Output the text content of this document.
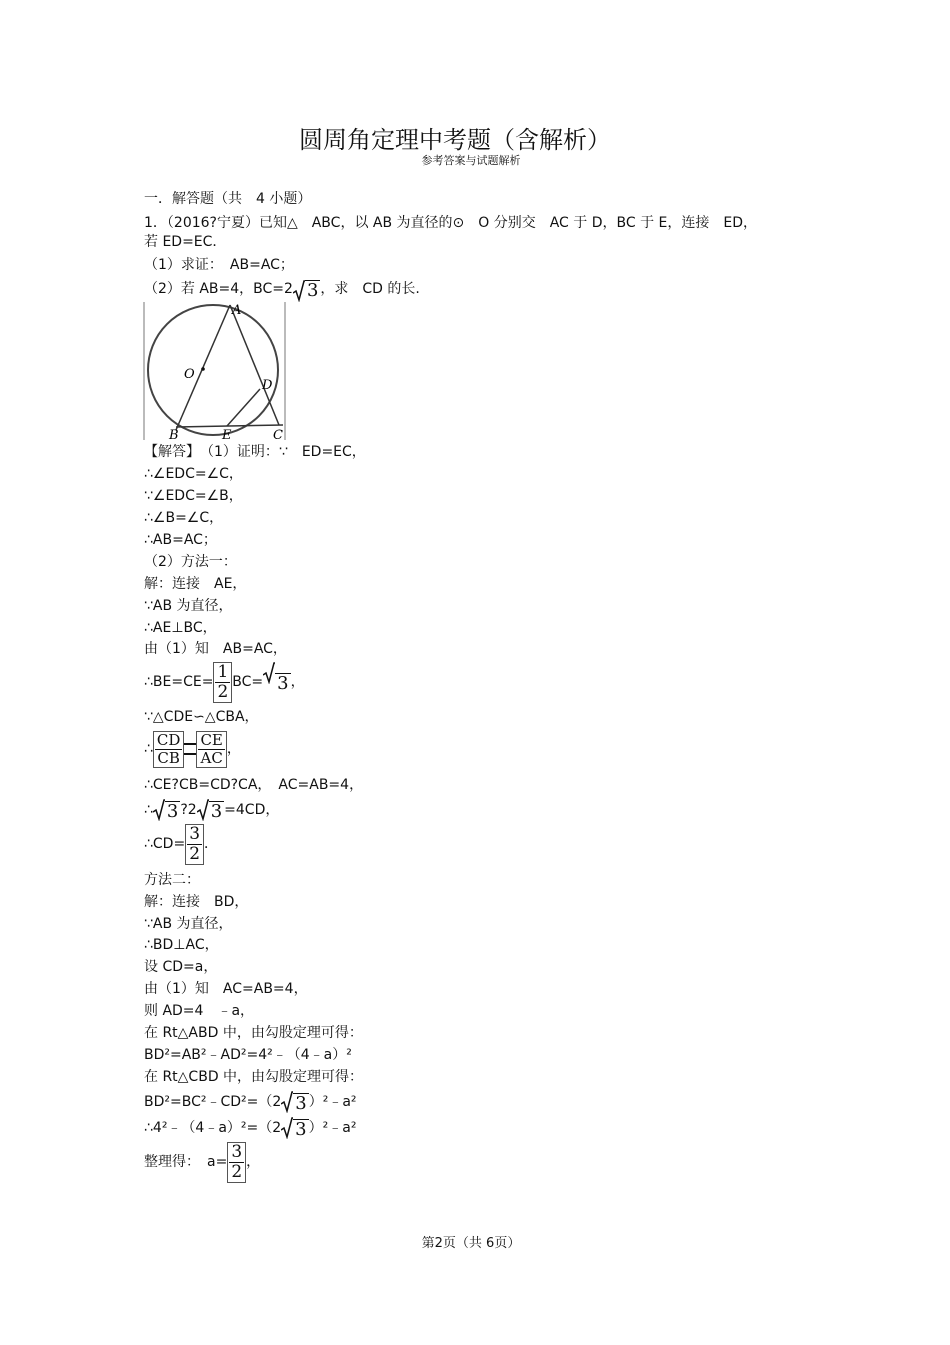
圆周角定理中考题（含解析）
参考答案与试题解析
一．解答题（共　4 小题）
1．（2016?宁夏）已知△　ABC，以 AB 为直径的⊙　O 分别交　AC 于 D，BC 于 E，连接　ED，
若 ED=EC．
（1）求证：　AB=AC；
（2）若 AB=4，BC=2 3 ，求　CD 的长.
A
O
D
B	E	C
【解答】　（1）证明：∵　ED=EC，
∴∠EDC=∠C，
∵∠EDC=∠B，
∴∠B=∠C，
∴AB=AC；
（2）方法一：
解：连接　AE，
∵AB 为直径，
∴AE⊥BC，
由（1）知　AB=AC，
∴BE=CE= $\frac{1}{2} BC= 3$ ，
∵△CDE∽△CBA，
∴ $\frac{CD}{CB} \frac{CE}{AC}$ ，
∴CE?CB=CD?CA，　AC=AB=4，
∴ 3 ?2 3 =4CD，
∴CD= $\frac{3}{2}$ ．
方法二：
解：连接　BD，
∵AB 为直径，
∴BD⊥AC，
设 CD=a，
由（1）知　AC=AB=4，
则 AD=4　﹣a，
在 Rt△ABD 中，由勾股定理可得：
BD²=AB²﹣AD²=4²﹣（4﹣a）²
在 Rt△CBD 中，由勾股定理可得：
BD²=BC²﹣CD²=（2 3 ）²﹣a²
∴4²﹣（4﹣a）²=（2 3 ）²﹣a²
整理得：　$a= \frac{3}{2}$ ，
第2页（共 6页）
